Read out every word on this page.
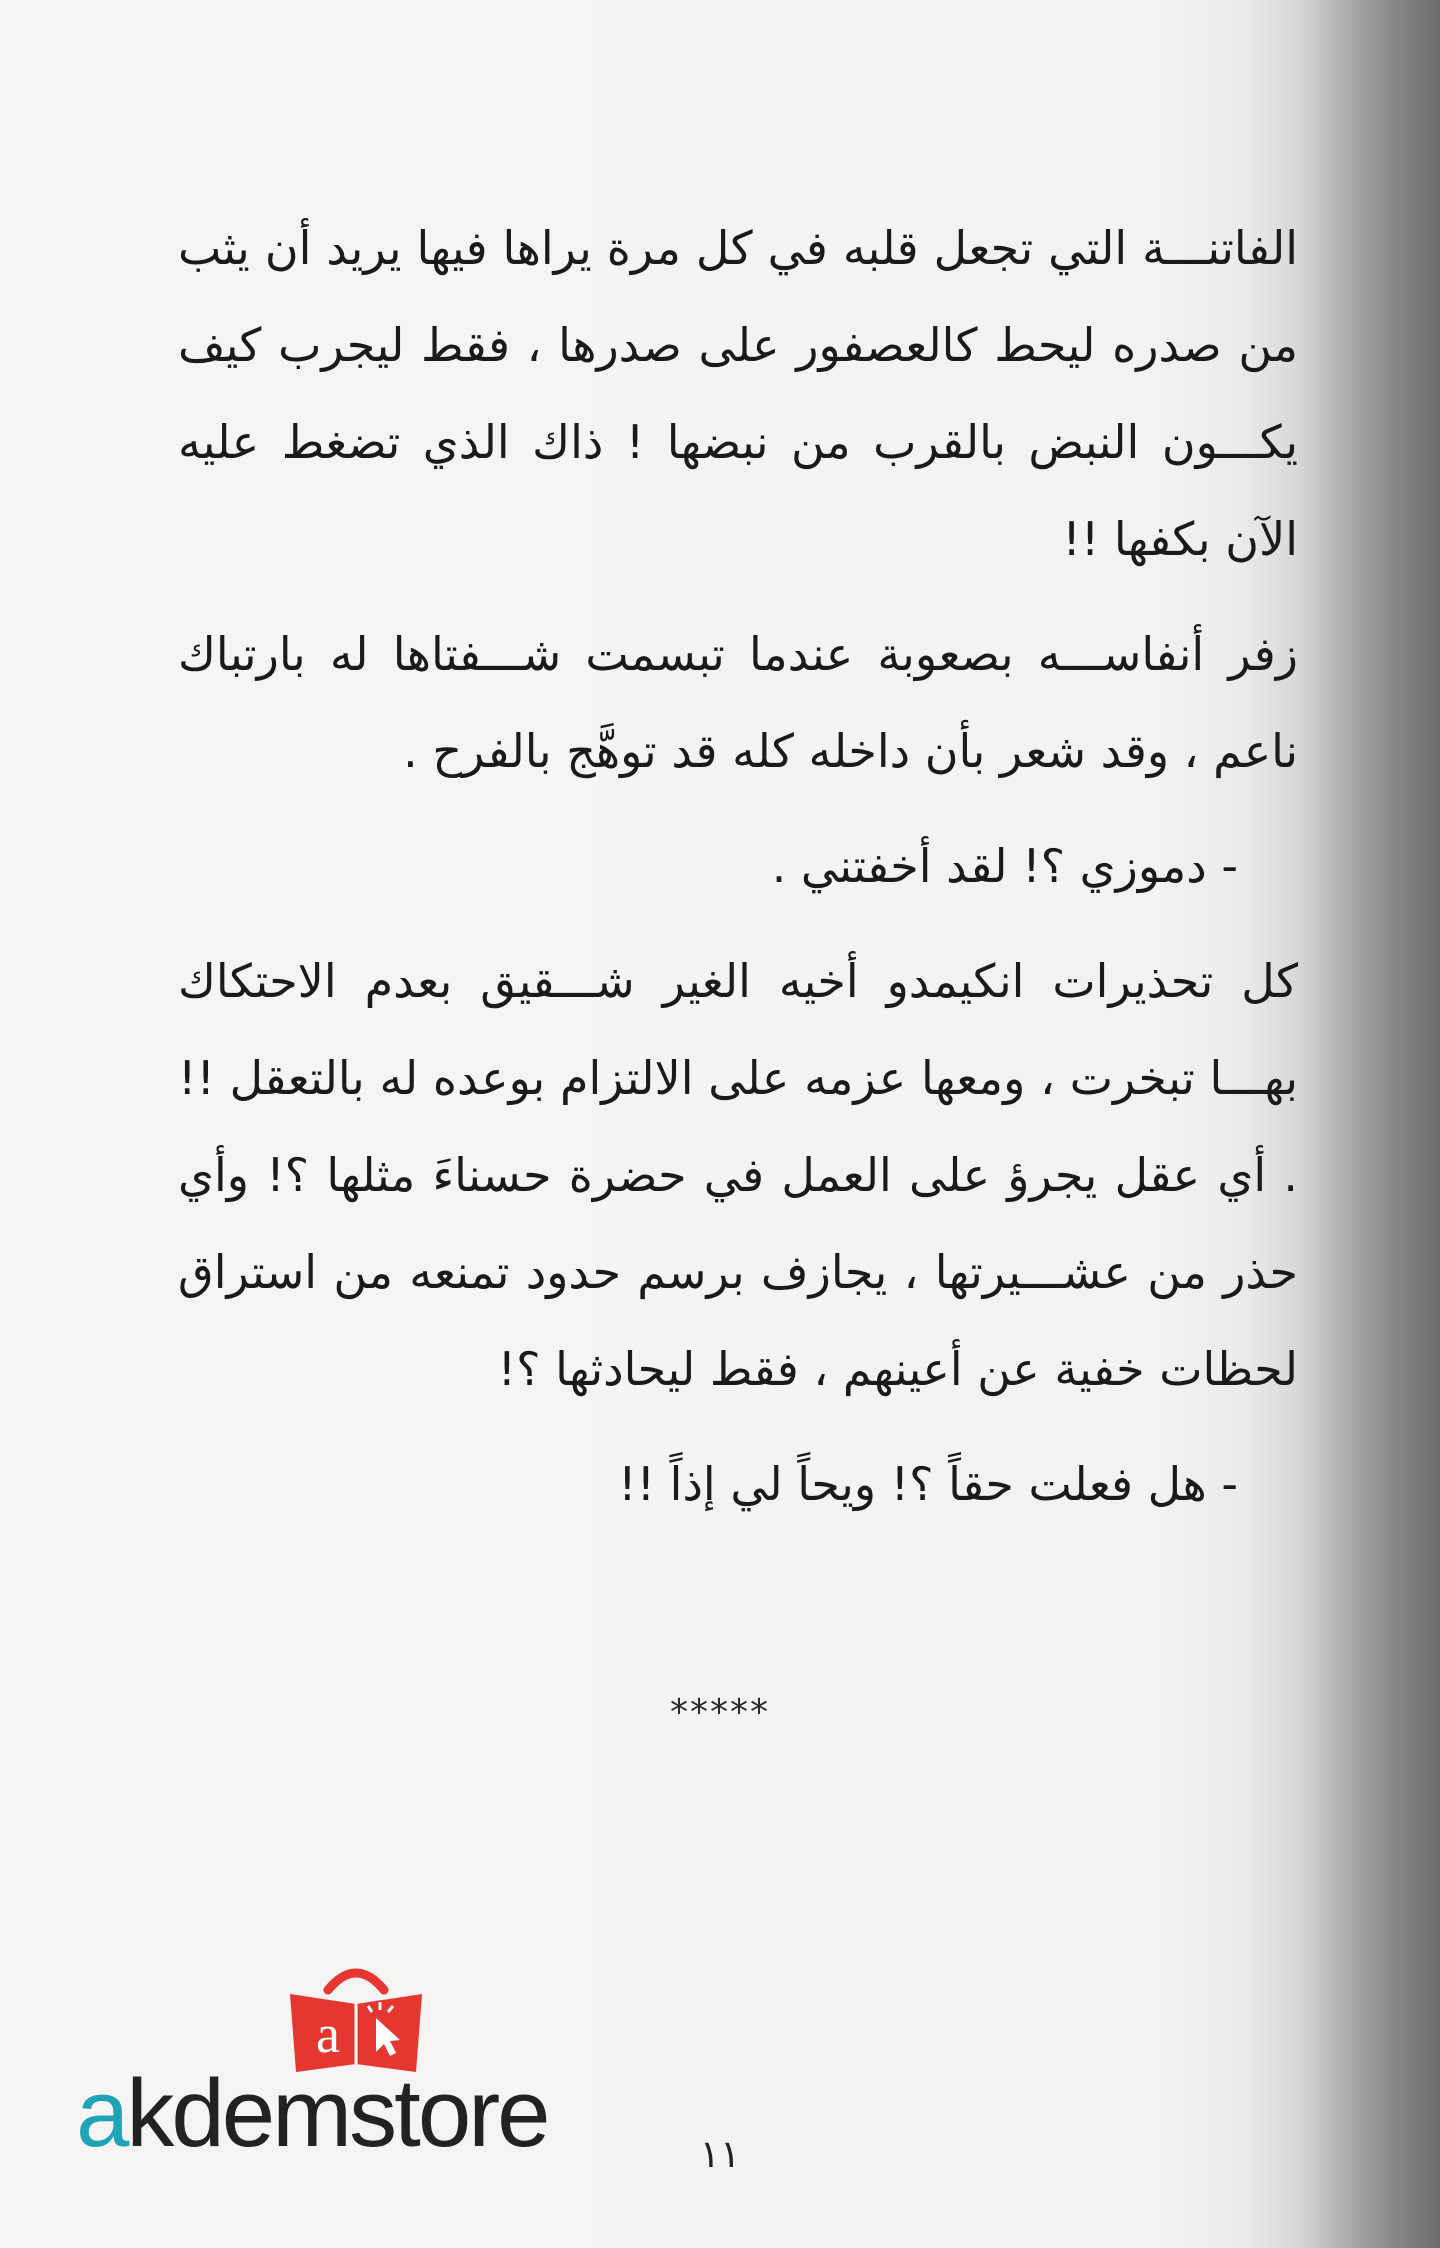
الفاتنـــة التي تجعل قلبه في كل مرة يراها فيها يريد أن يثب من صدره ليحط كالعصفور على صدرها ، فقط ليجرب كيف يكـــون النبض بالقرب من نبضها ! ذاك الذي تضغط عليه الآن بكفها !!

زفر أنفاســـه بصعوبة عندما تبسمت شـــفتاها له بارتباك ناعم ، وقد شعر بأن داخله كله قد توهَّج بالفرح .

- دموزي ؟! لقد أخفتني .

كل تحذيرات انكيمدو أخيه الغير شـــقيق بعدم الاحتكاك بهـــا تبخرت ، ومعها عزمه على الالتزام بوعده له بالتعقل !! . أي عقل يجرؤ على العمل في حضرة حسناءَ مثلها ؟! وأي حذر من عشـــيرتها ، يجازف برسم حدود تمنعه من استراق لحظات خفية عن أعينهم ، فقط ليحادثها ؟!

- هل فعلت حقاً ؟! ويحاً لي إذاً !!

*****
١١
a
akdemstore
